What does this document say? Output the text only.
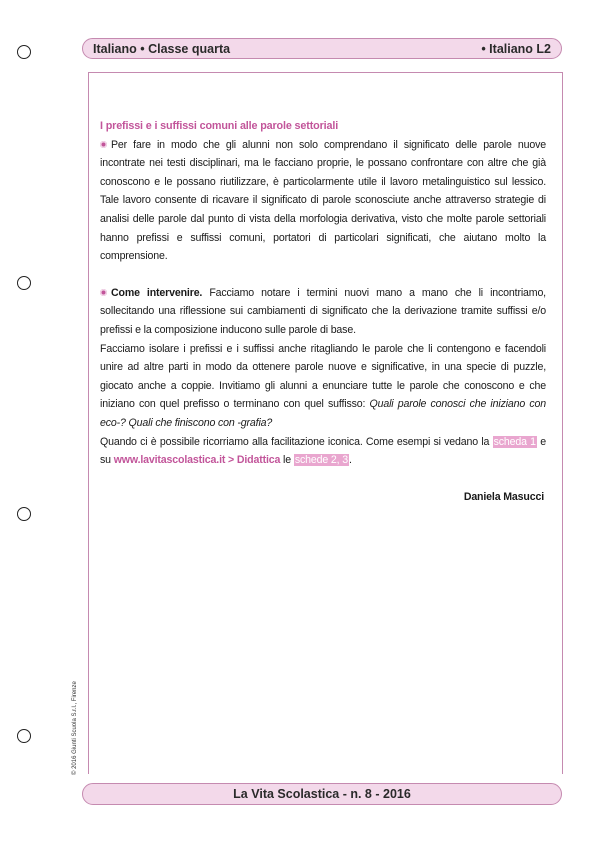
Italiano • Classe quarta	• Italiano L2
© 2016 Giunti Scuola S.r.l., Firenze
I prefissi e i suffissi comuni alle parole settoriali

Per fare in modo che gli alunni non solo comprendano il significato delle parole nuove incontrate nei testi disciplinari, ma le facciano proprie, le possano confrontare con altre che già conoscono e le possano riutilizzare, è particolarmente utile il lavoro metalinguistico sul lessico. Tale lavoro consente di ricavare il significato di parole sconosciute anche attraverso strategie di analisi delle parole dal punto di vista della morfologia derivativa, visto che molte parole settoriali hanno prefissi e suffissi comuni, portatori di particolari significati, che aiutano molto la comprensione.

Come intervenire. Facciamo notare i termini nuovi mano a mano che li incontriamo, sollecitando una riflessione sui cambiamenti di significato che la derivazione tramite suffissi e/o prefissi e la composizione inducono sulle parole di base.

Facciamo isolare i prefissi e i suffissi anche ritagliando le parole che li contengono e facendoli unire ad altre parti in modo da ottenere parole nuove e significative, in una specie di puzzle, giocato anche a coppie. Invitiamo gli alunni a enunciare tutte le parole che conoscono e che iniziano con quel prefisso o terminano con quel suffisso: Quali parole conosci che iniziano con eco-? Quali che finiscono con -grafia?

Quando ci è possibile ricorriamo alla facilitazione iconica. Come esempi si vedano la scheda 1 e su www.lavitascolastica.it > Didattica le schede 2, 3.

Daniela Masucci
La Vita Scolastica - n. 8 - 2016
